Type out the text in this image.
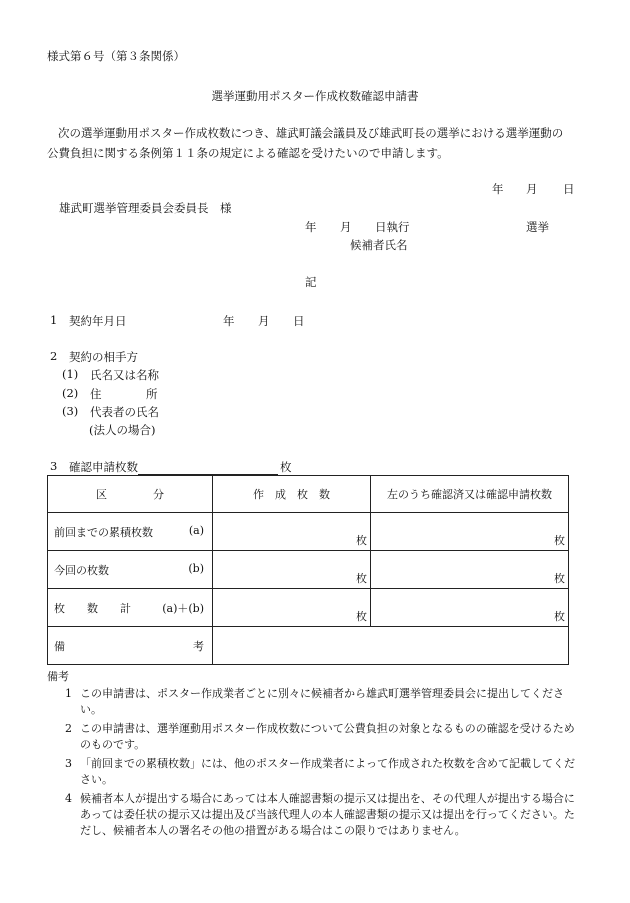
様式第６号（第３条関係）
選挙運動用ポスター作成枚数確認申請書
次の選挙運動用ポスター作成枚数につき、雄武町議会議員及び雄武町長の選挙における選挙運動の
公費負担に関する条例第１１条の規定による確認を受けたいので申請します。
年 月 日
雄武町選挙管理委員会委員長　様
年 月 日執行	選挙
候補者氏名
記
1 契約年月日	年 月 日
2 契約の相手方
(1) 氏名又は名称
(2) 住	所
(3) 代表者の氏名
(法人の場合)
3 確認申請枚数	枚
区 分	作　成　枚　数	左のうち確認済又は確認申請枚数

前回までの累積枚数 (a)	枚	枚

今回の枚数 (b)	枚	枚

枚　　数　　計 (a)＋(b)	枚	枚

備 考		

備考
1 この申請書は、ポスター作成業者ごとに別々に候補者から雄武町選挙管理委員会に提出してください。
2 この申請書は、選挙運動用ポスター作成枚数について公費負担の対象となるものの確認を受けるためのものです。
3 「前回までの累積枚数」には、他のポスター作成業者によって作成された枚数を含めて記載してください。
4 候補者本人が提出する場合にあっては本人確認書類の提示又は提出を、その代理人が提出する場合にあっては委任状の提示又は提出及び当該代理人の本人確認書類の提示又は提出を行ってください。ただし、候補者本人の署名その他の措置がある場合はこの限りではありません。
